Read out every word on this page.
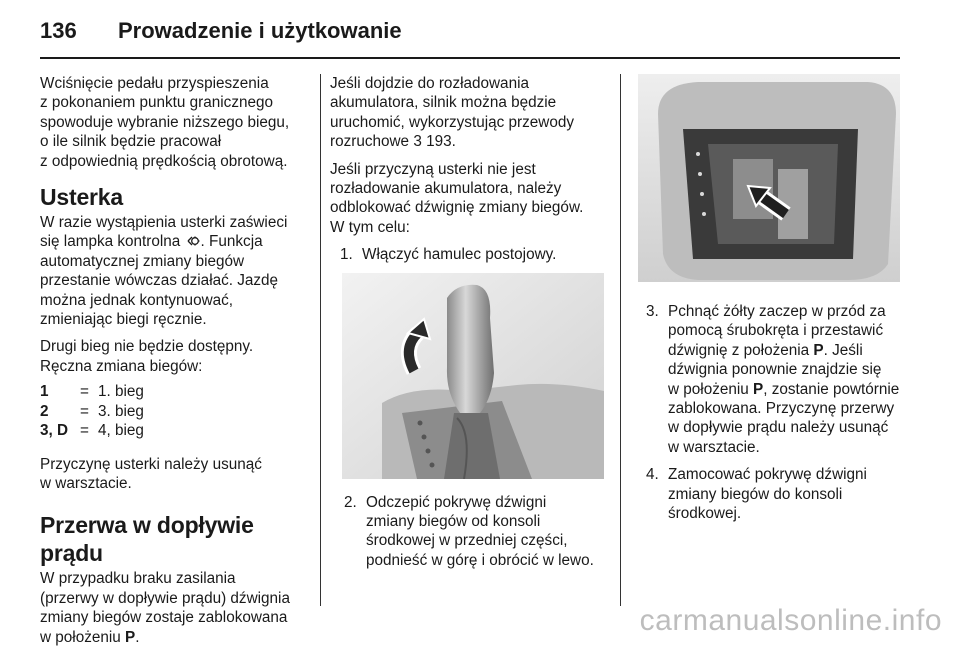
136	Prowadzenie i użytkowanie

Wciśnięcie pedału przyspieszenia
z pokonaniem punktu granicznego
spowoduje wybranie niższego biegu,
o ile silnik będzie pracował
z odpowiednią prędkością obrotową.

Usterka

W razie wystąpienia usterki zaświeci
się lampka kontrolna . Funkcja
automatycznej zmiany biegów
przestanie wówczas działać. Jazdę
można jednak kontynuować,
zmieniając biegi ręcznie.

Drugi bieg nie będzie dostępny.
Ręczna zmiana biegów:

1	= 1. bieg
2	= 3. bieg
3, D = 4, bieg

Przyczynę usterki należy usunąć
w warsztacie.

Przerwa w dopływie prądu

W przypadku braku zasilania
(przerwy w dopływie prądu) dźwignia
zmiany biegów zostaje zablokowana
w położeniu P.

Jeśli dojdzie do rozładowania
akumulatora, silnik można będzie
uruchomić, wykorzystując przewody
rozruchowe 3 193.

Jeśli przyczyną usterki nie jest
rozładowanie akumulatora, należy
odblokować dźwignię zmiany biegów.
W tym celu:

1. Włączyć hamulec postojowy.
2. Odczepić pokrywę dźwigni
zmiany biegów od konsoli
środkowej w przedniej części,
podnieść w górę i obrócić w lewo.
3. Pchnąć żółty zaczep w przód za
pomocą śrubokręta i przestawić
dźwignię z położenia P. Jeśli
dźwignia ponownie znajdzie się
w położeniu P, zostanie powtórnie
zablokowana. Przyczynę przerwy
w dopływie prądu należy usunąć
w warsztacie.
4. Zamocować pokrywę dźwigni
zmiany biegów do konsoli
środkowej.
carmanualsonline.info
